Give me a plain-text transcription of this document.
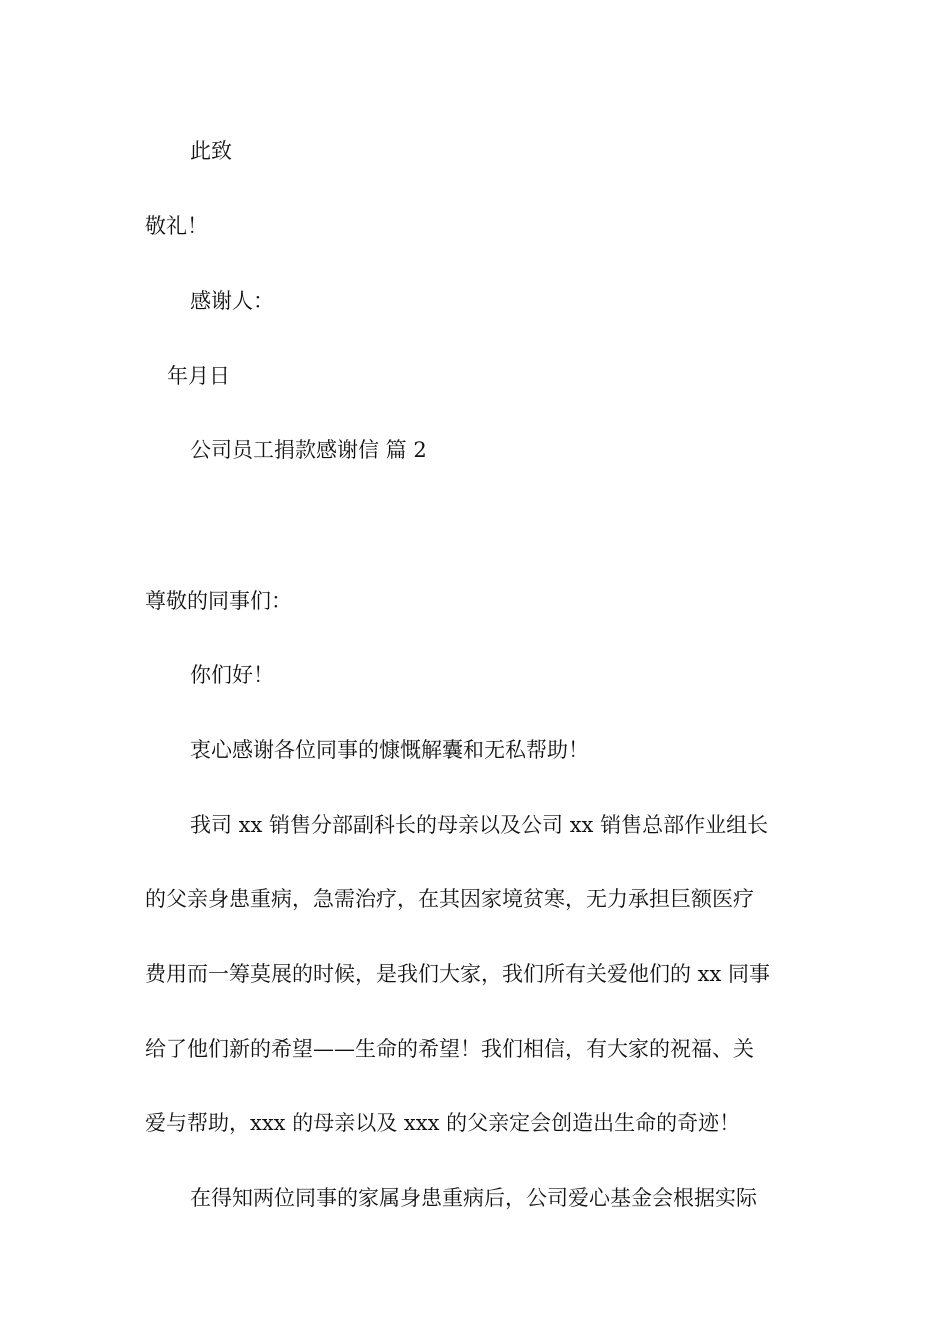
此致
敬礼！
感谢人：
年月日
公司员工捐款感谢信 篇 2
尊敬的同事们：
你们好！
衷心感谢各位同事的慷慨解囊和无私帮助！
我司 xx 销售分部副科长的母亲以及公司 xx 销售总部作业组长
的父亲身患重病，急需治疗，在其因家境贫寒，无力承担巨额医疗
费用而一筹莫展的时候，是我们大家，我们所有关爱他们的 xx 同事
给了他们新的希望——生命的希望！我们相信，有大家的祝福、关
爱与帮助，xxx 的母亲以及 xxx 的父亲定会创造出生命的奇迹！
在得知两位同事的家属身患重病后，公司爱心基金会根据实际
